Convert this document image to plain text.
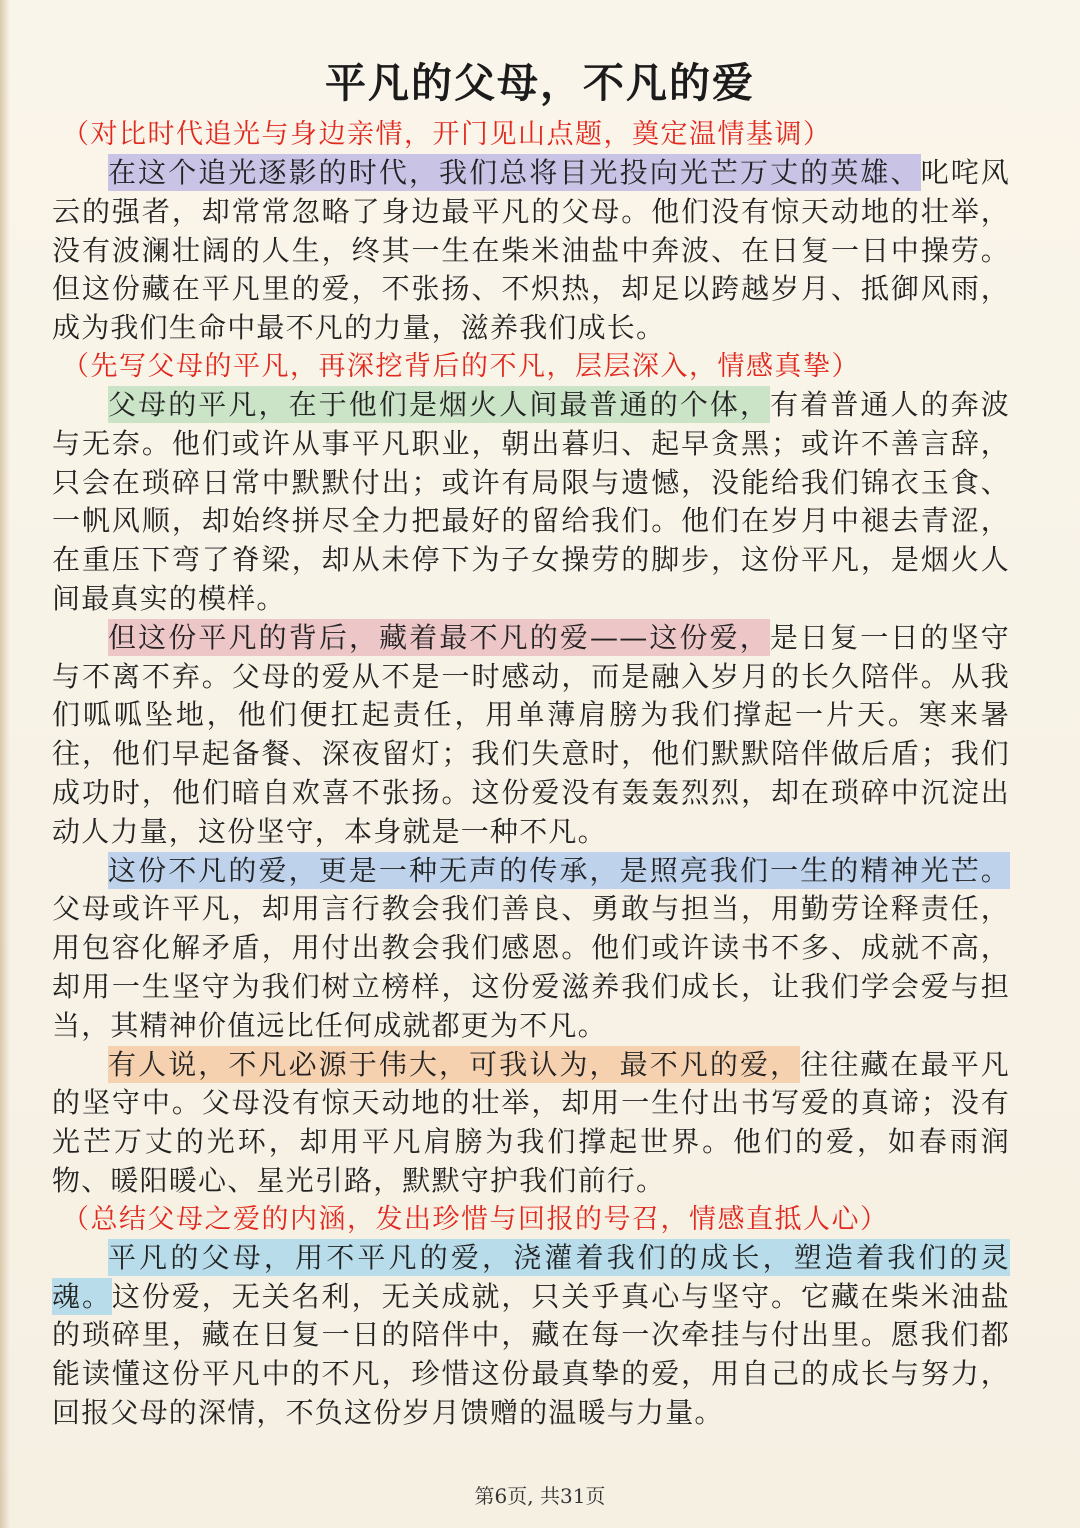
平凡的父母，不凡的爱
（对比时代追光与身边亲情，开门见山点题，奠定温情基调）

在这个追光逐影的时代，我们总将目光投向光芒万丈的英雄、叱咤风云的强者，却常常忽略了身边最平凡的父母。他们没有惊天动地的壮举，没有波澜壮阔的人生，终其一生在柴米油盐中奔波、在日复一日中操劳。但这份藏在平凡里的爱，不张扬、不炽热，却足以跨越岁月、抵御风雨，成为我们生命中最不凡的力量，滋养我们成长。

（先写父母的平凡，再深挖背后的不凡，层层深入，情感真挚）

父母的平凡，在于他们是烟火人间最普通的个体，有着普通人的奔波与无奈。他们或许从事平凡职业，朝出暮归、起早贪黑；或许不善言辞，只会在琐碎日常中默默付出；或许有局限与遗憾，没能给我们锦衣玉食、一帆风顺，却始终拼尽全力把最好的留给我们。他们在岁月中褪去青涩，在重压下弯了脊梁，却从未停下为子女操劳的脚步，这份平凡，是烟火人间最真实的模样。

但这份平凡的背后，藏着最不凡的爱——这份爱，是日复一日的坚守与不离不弃。父母的爱从不是一时感动，而是融入岁月的长久陪伴。从我们呱呱坠地，他们便扛起责任，用单薄肩膀为我们撑起一片天。寒来暑往，他们早起备餐、深夜留灯；我们失意时，他们默默陪伴做后盾；我们成功时，他们暗自欢喜不张扬。这份爱没有轰轰烈烈，却在琐碎中沉淀出动人力量，这份坚守，本身就是一种不凡。

这份不凡的爱，更是一种无声的传承，是照亮我们一生的精神光芒。父母或许平凡，却用言行教会我们善良、勇敢与担当，用勤劳诠释责任，用包容化解矛盾，用付出教会我们感恩。他们或许读书不多、成就不高，却用一生坚守为我们树立榜样，这份爱滋养我们成长，让我们学会爱与担当，其精神价值远比任何成就都更为不凡。

有人说，不凡必源于伟大，可我认为，最不凡的爱，往往藏在最平凡的坚守中。父母没有惊天动地的壮举，却用一生付出书写爱的真谛；没有光芒万丈的光环，却用平凡肩膀为我们撑起世界。他们的爱，如春雨润物、暖阳暖心、星光引路，默默守护我们前行。

（总结父母之爱的内涵，发出珍惜与回报的号召，情感直抵人心）

平凡的父母，用不平凡的爱，浇灌着我们的成长，塑造着我们的灵魂。这份爱，无关名利，无关成就，只关乎真心与坚守。它藏在柴米油盐的琐碎里，藏在日复一日的陪伴中，藏在每一次牵挂与付出里。愿我们都能读懂这份平凡中的不凡，珍惜这份最真挚的爱，用自己的成长与努力，回报父母的深情，不负这份岁月馈赠的温暖与力量。

第6页, 共31页
